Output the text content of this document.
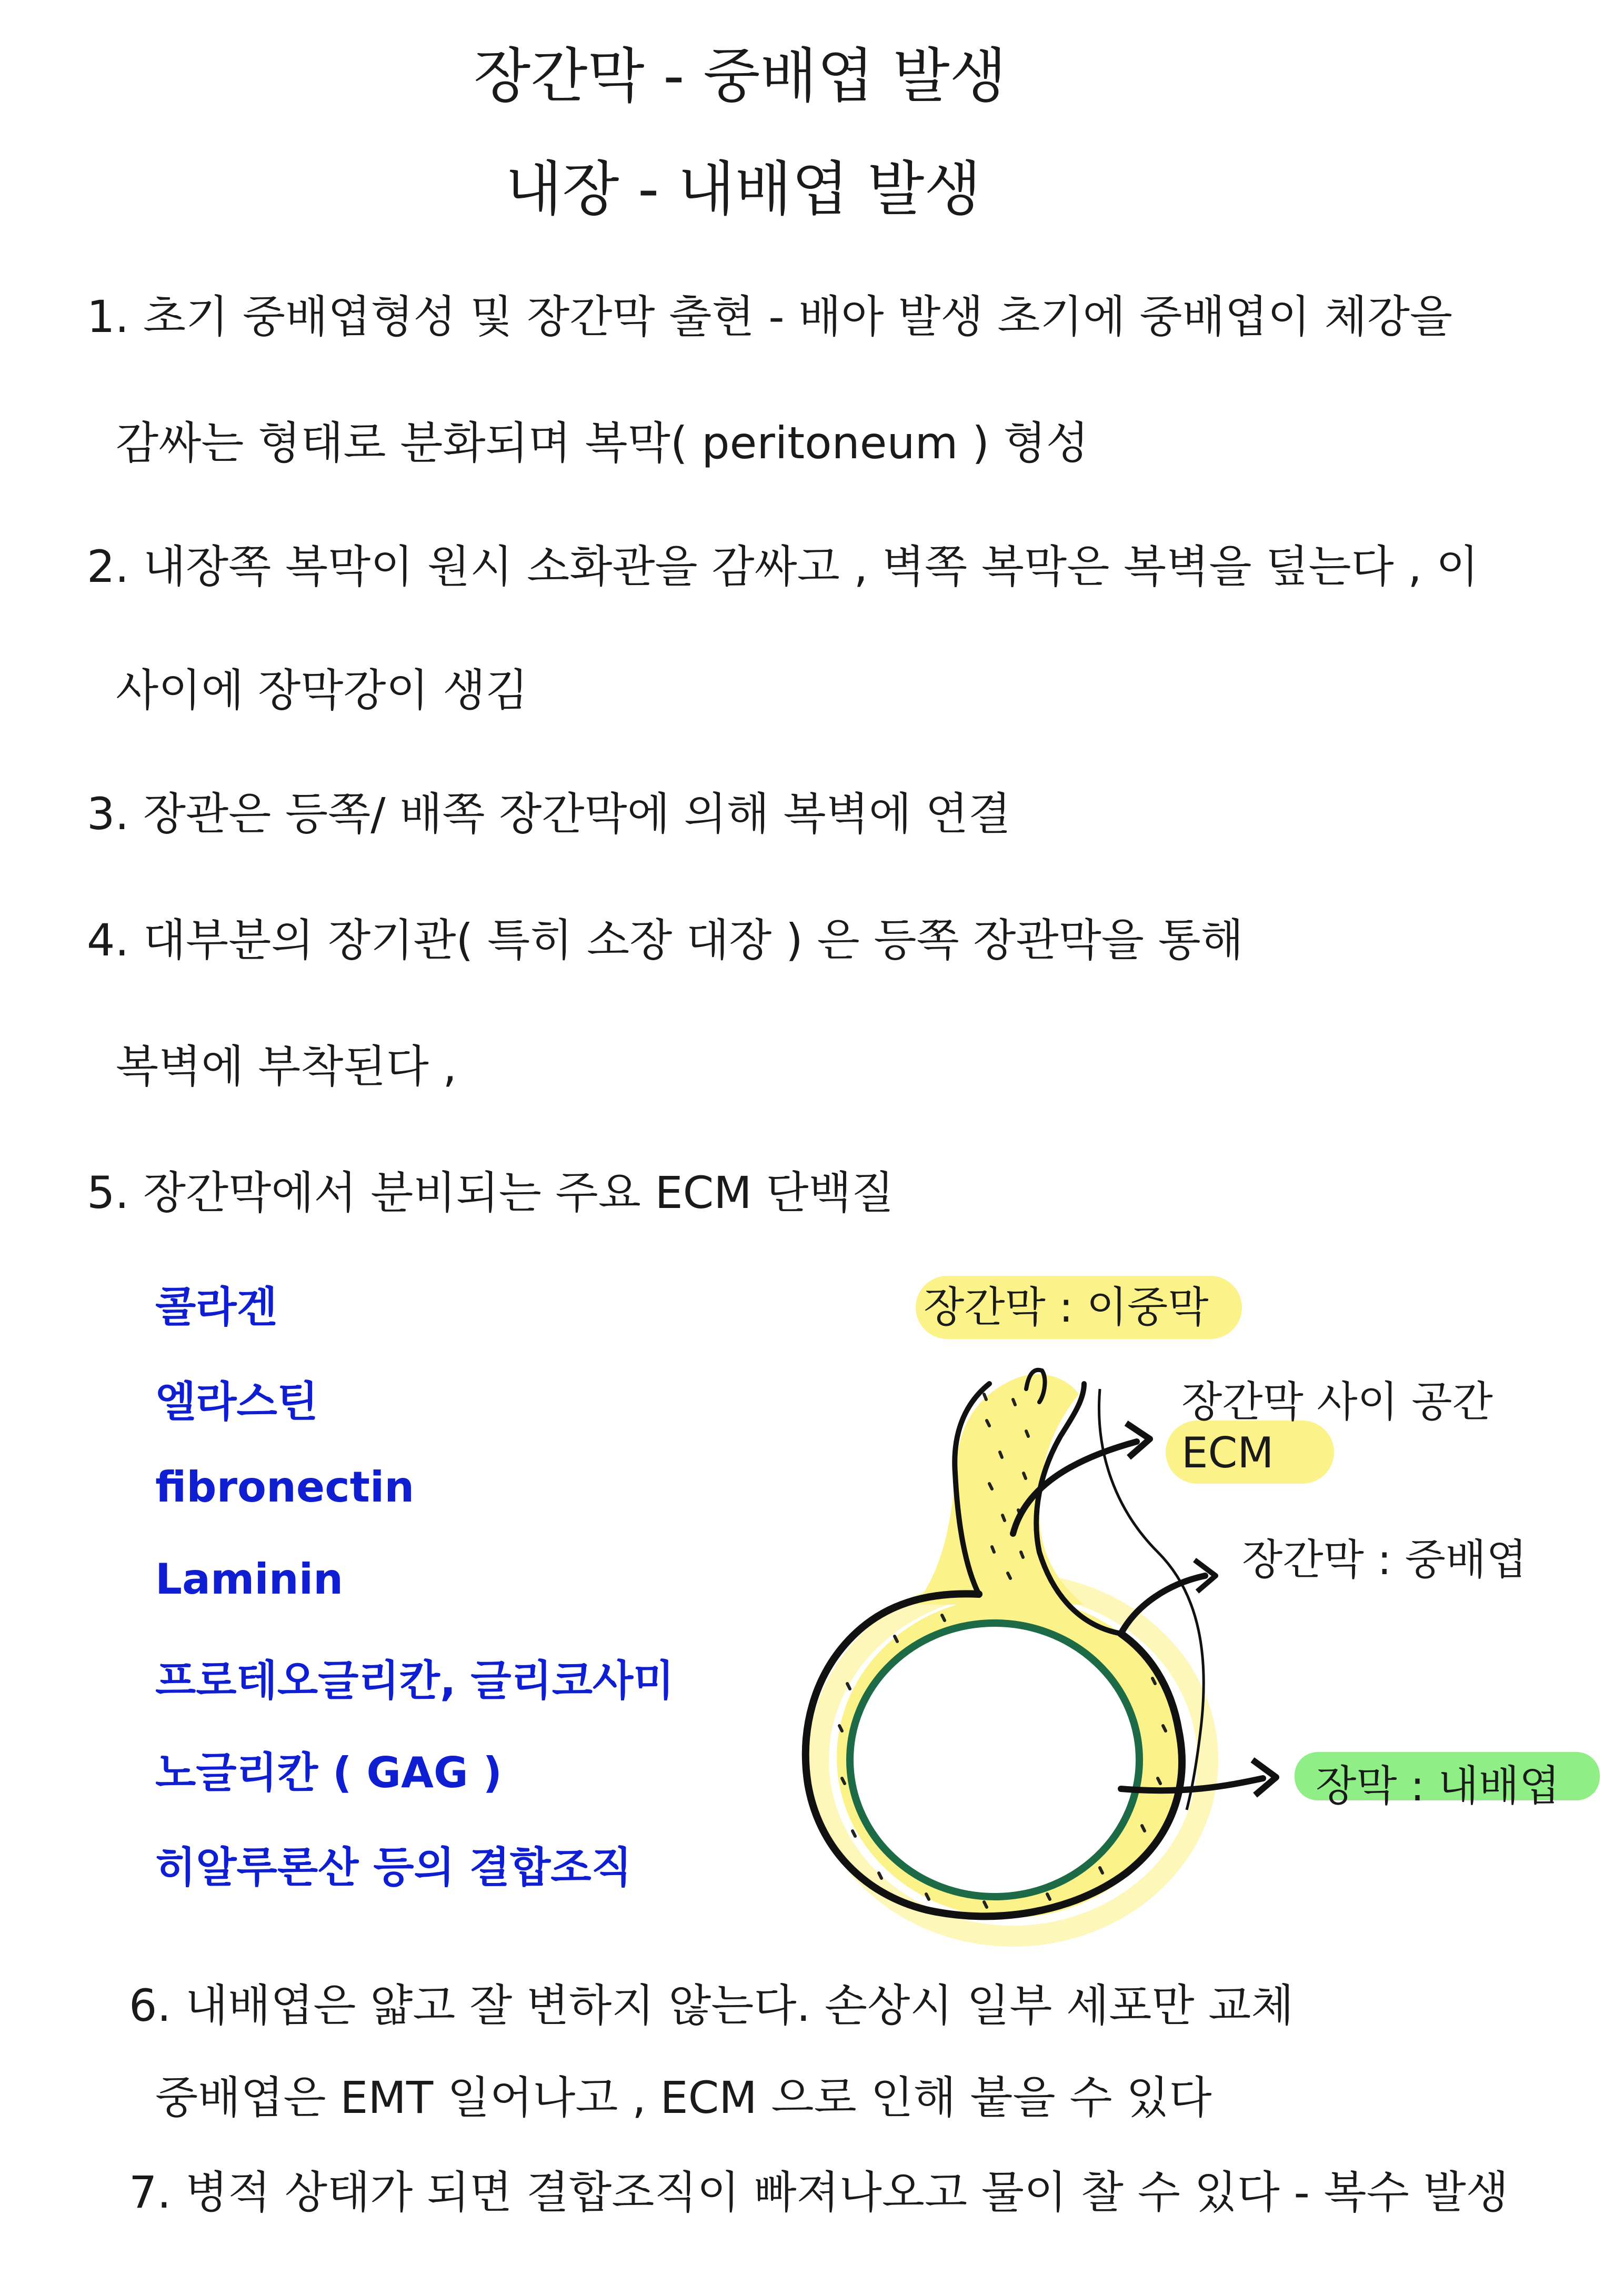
장간막 - 중배엽 발생

내장 - 내배엽 발생

1. 초기 중배엽형성 및 장간막 출현 - 배아 발생 초기에 중배엽이 체강을

감싸는 형태로 분화되며 복막( peritoneum ) 형성

2. 내장쪽 복막이 원시 소화관을 감싸고 , 벽쪽 복막은 복벽을 덮는다 , 이

사이에 장막강이 생김

3. 장관은 등쪽/ 배쪽 장간막에 의해 복벽에 연결

4. 대부분의 장기관( 특히 소장 대장 ) 은 등쪽 장관막을 통해

복벽에 부착된다 ,

5. 장간막에서 분비되는 주요 ECM 단백질

콜라겐

엘라스틴

fibronectin

Laminin

프로테오글리칸, 글리코사미

노글리칸 ( GAG )

히알루론산 등의 결합조직

장간막 : 이중막

장간막 사이 공간

ECM

장간막 : 중배엽

장막 : 내배엽

6. 내배엽은 얇고 잘 변하지 않는다. 손상시 일부 세포만 교체

중배엽은 EMT 일어나고 , ECM 으로 인해 붙을 수 있다

7. 병적 상태가 되면 결합조직이 빠져나오고 물이 찰 수 있다 - 복수 발생
